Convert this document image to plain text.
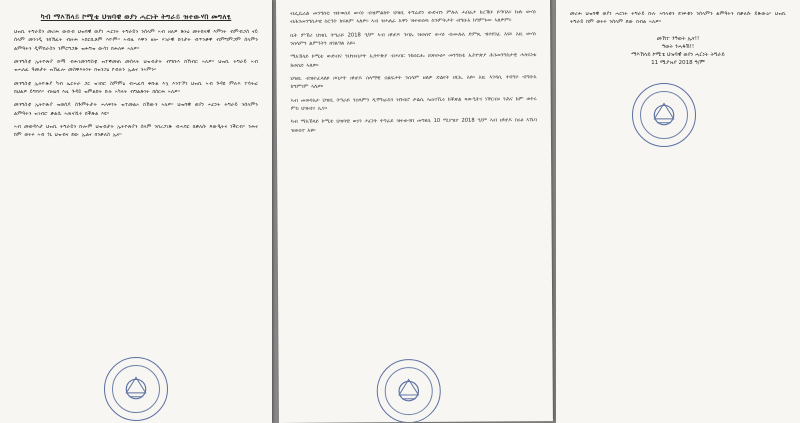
ካብ ማእኸላይ ኮሚቴ ህዝባዊ ወያነ ሓርነት ትግራይ ዝተውሃበ መግለፂ

ህዝቢ ትግራይን መሪሕ ውድብ ህዝባዊ ወያነ ሓርነት ትግራይን ንሰላም ኣብ ዘለዎ ጽኑዕ መትከላዊ እምነት ብምብጋስ ናይ ሰላም መንገዲ ንክኽፈት ብዙሕ ኣበርኪቶም እዮም። ኣብዚ እዋን ዘሎ ሃገራዊ ኩነታት ብጥንቃቐ ብምግምጋም ሰላምን ልምዓትን ዲሞክራስን ንምርግጋጽ ዝሕግዝ ውሳነ ክሕለፍ ኣለዎ።

መንግስቲ ኢትዮጵያ ድማ ብሕገመንግስቲ ዝተቐመጠ መሰላት ህዝብታት ብግቡእ ከኽብር ኣለዎ። ህዝቢ ትግራይ ኣብ ዝሓለፈ ዓመታት ዝኸፈሎ መስዋእትነት ክዝንጋዕ የብሉን ኢልና ንኣምን።

መንግስቲ ኢትዮጵያ ካብ ኤርትራ ጋር ዝገበሮ ስምምዕ ብሓፈሻ ቅቡል እኳ እንተኾነ ህዝቢ ኣብ ጉዳዩ ምሉእ ተሳትፎ ክህልዎ ይግባእ። ብዛዕባ እዚ ጉዳይ ዝምልከት ኩሉ ኣካላት ብግልጽነት ክሰርሕ ኣለዎ።

መንግስቲ ኢትዮጵያ ዝወሰዶ ስጉምትታት ሓላፍነት ዝተመልኦ ክኸውን ኣለዎ። ህዝባዊ ወያነ ሓርነት ትግራይ ንሰላምን ልምዓትን ዝገብሮ ቃልሲ ኣጠናኺሩ ክቕጽል እዩ።

ኣብ መወዳእታ ህዝቢ ትግራይን ኩሎም ህዝብታት ኢትዮጵያን ሰላም ንክረጋገጽ ብሓባር ክቃለሱ ጻውዒትና ነቕርብ። ንሕና ከም ወትሩ ኣብ ጎኒ ህዝብና ደው ኢልና ክንቃለስ ኢና።

ብፌዴራል መንግስቲ ዝተወሰደ ውሳነ ብዝምልከት ህዝቢ ትግራይን ውድብን ምሉእ ሓበሬታ ክረኽቡ ይግባእ። ኩሉ ውሳነ ብሕገመንግስታዊ ስርዓት ክፍጸም ኣለዎ። ኣብ ዝሓለፈ እዋን ዝተወሰዱ ስጉምትታት ብግቡእ ክግምገሙ ኣለዎም።

ቤት ምኽሪ ህዝቢ ትግራይ 2018 ዓ/ም ኣብ ዘካየዶ ጉባኤ ዝወሰኖ ውሳነ ብሙሉእ ድምጺ ዝተደገፈ እዩ። እዚ ውሳነ ንሰላምን ልምዓትን ዘገልግል እዩ።

ማእኸላይ ኮሚቴ ውድብና ንህዝብታት ኢትዮጵያ ብሓባር ንክሰርሑ ይጽውዕ። መንግስቲ ኢትዮጵያ ሕገመንግስታዊ ሓላፍነቱ ክወስድ ኣለዎ።

ህዝቢ ብዝተፈላለዩ ዞባታት ዘካየዶ ሰላማዊ ሰልፍታት ንሰላም ዘለዎ ድልየት ዘርኢ እዩ። እዚ ኣገዳሲ ተበግሶ ብግቡእ ክግምገም ኣለዎ።

ኣብ መወዳእታ ህዝቢ ትግራይ ንሰላምን ዲሞክራስን ዝገብሮ ቃልሲ ኣጠናኺሩ ክቕጽል ጻውዒትና ነቕርብ። ንሕና ከም ወትሩ ምስ ህዝብና ኢና።

ካብ ማእኸላይ ኮሚቴ ህዝባዊ ወያነ ሓርነት ትግራይ ዝተውሃበ መግለፂ 10 ሚያዝያ 2018 ዓ/ም ኣብ ዘካየዶ ስሩዕ ኣኼባ ዝወሰኖ እዩ።

መሪሕ ህዝባዊ ወያነ ሓርነት ትግራይ ኩሉ ኣባላቱን ደገፍቱን ንሰላምን ልምዓትን ክቃለሱ ይጽውዕ። ህዝቢ ትግራይ ከም ወትሩ ንሰላም ደው ክብል ኣለዎ።

መኸተ ንዓወት ኢና!!

ዓወት ንሓፋሽ!!

ማእኸላይ ኮሚቴ ህዝባዊ ወያነ ሓርነት ትግራይ

11 ሚያዝያ 2018 ዓ/ም
